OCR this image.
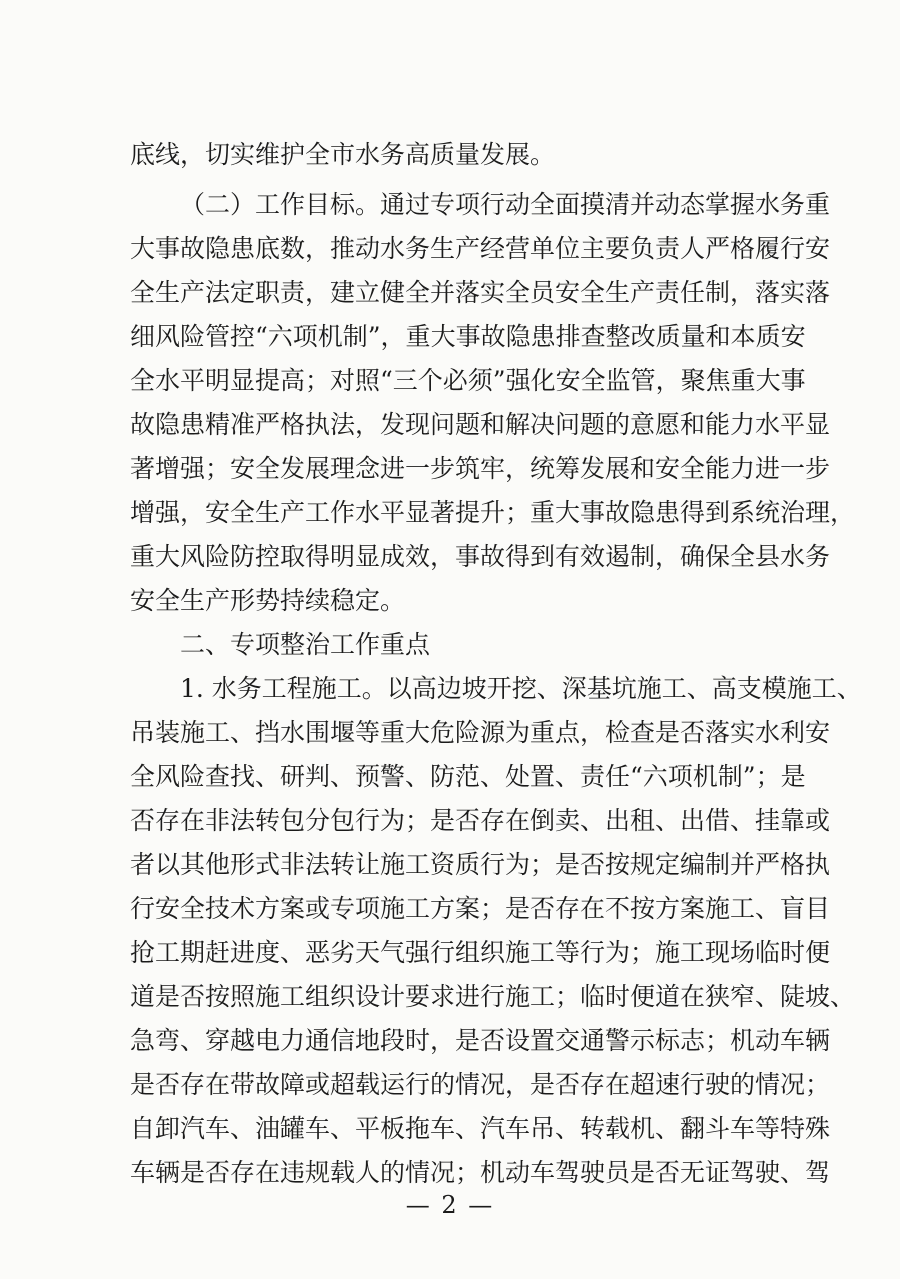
底线，切实维护全市水务高质量发展。
（二）工作目标。通过专项行动全面摸清并动态掌握水务重
大事故隐患底数，推动水务生产经营单位主要负责人严格履行安
全生产法定职责，建立健全并落实全员安全生产责任制，落实落
细风险管控“六项机制”，重大事故隐患排查整改质量和本质安
全水平明显提高；对照“三个必须”强化安全监管，聚焦重大事
故隐患精准严格执法，发现问题和解决问题的意愿和能力水平显
著增强；安全发展理念进一步筑牢，统筹发展和安全能力进一步
增强，安全生产工作水平显著提升；重大事故隐患得到系统治理，
重大风险防控取得明显成效，事故得到有效遏制，确保全县水务
安全生产形势持续稳定。
二、专项整治工作重点
1. 水务工程施工。以高边坡开挖、深基坑施工、高支模施工、
吊装施工、挡水围堰等重大危险源为重点，检查是否落实水利安
全风险查找、研判、预警、防范、处置、责任“六项机制”；是
否存在非法转包分包行为；是否存在倒卖、出租、出借、挂靠或
者以其他形式非法转让施工资质行为；是否按规定编制并严格执
行安全技术方案或专项施工方案；是否存在不按方案施工、盲目
抢工期赶进度、恶劣天气强行组织施工等行为；施工现场临时便
道是否按照施工组织设计要求进行施工；临时便道在狭窄、陡坡、
急弯、穿越电力通信地段时，是否设置交通警示标志；机动车辆
是否存在带故障或超载运行的情况，是否存在超速行驶的情况；
自卸汽车、油罐车、平板拖车、汽车吊、转载机、翻斗车等特殊
车辆是否存在违规载人的情况；机动车驾驶员是否无证驾驶、驾
— 2 —
